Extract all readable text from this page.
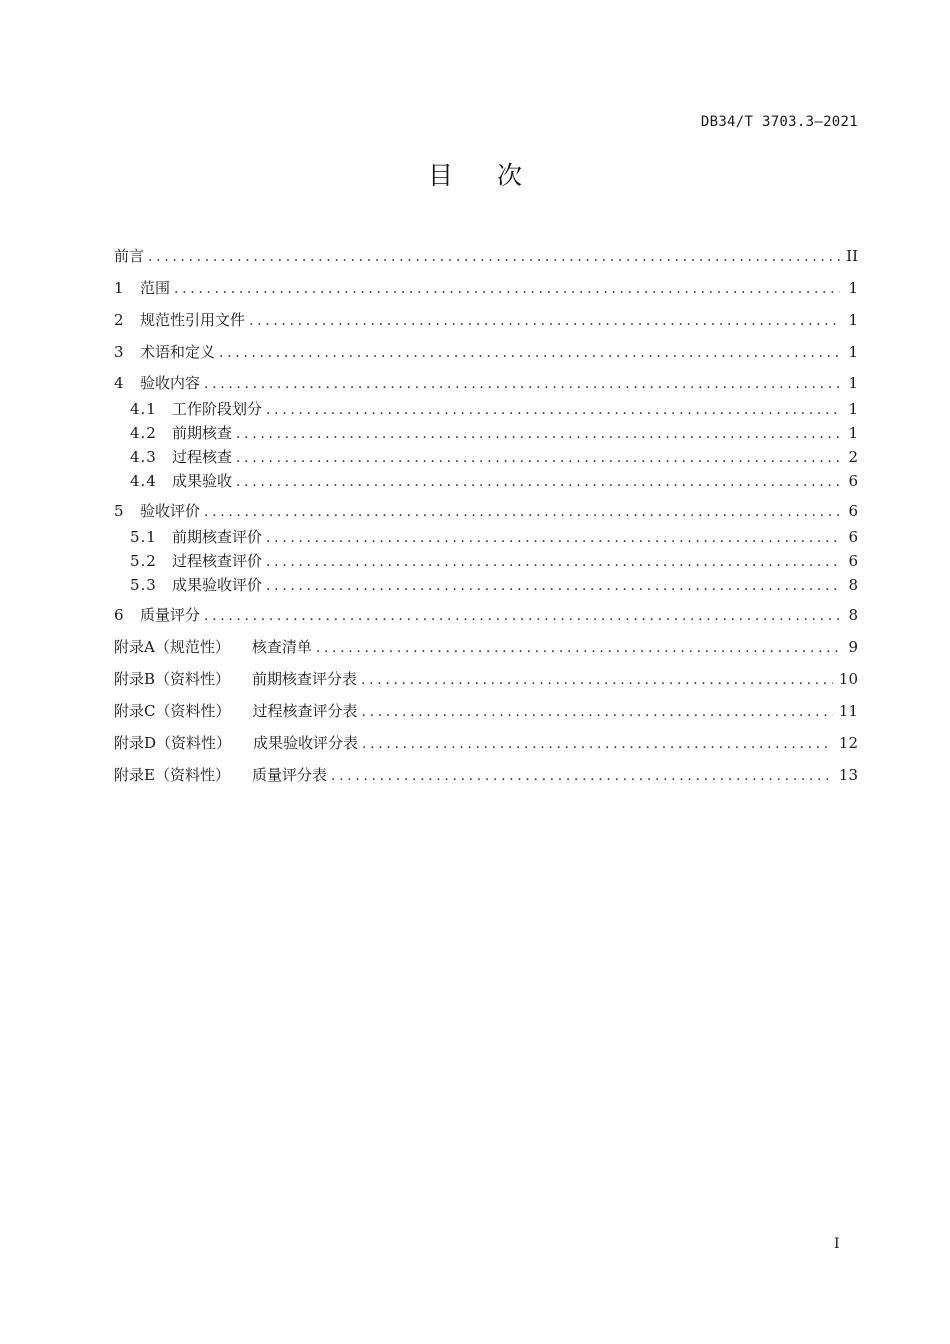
DB34/T 3703.3—2021
目次
前言 . . .	II
1	范围 . . .	1
2	规范性引用文件 . . .	1
3	术语和定义 . . .	1
4	验收内容 . . .	1
4.1	工作阶段划分 . . .	1
4.2	前期核查 . . .	1
4.3	过程核查 . . .	2
4.4	成果验收 . . .	6
5	验收评价 . . .	6
5.1	前期核查评价 . . .	6
5.2	过程核查评价 . . .	6
5.3	成果验收评价 . . .	8
6	质量评分 . . .	8
附录A（规范性）	核查清单 . . .	9
附录B（资料性）	前期核查评分表 . . .	10
附录C（资料性）	过程核查评分表 . . .	11
附录D（资料性）	成果验收评分表 . . .	12
附录E（资料性）	质量评分表 . . .	13
I
